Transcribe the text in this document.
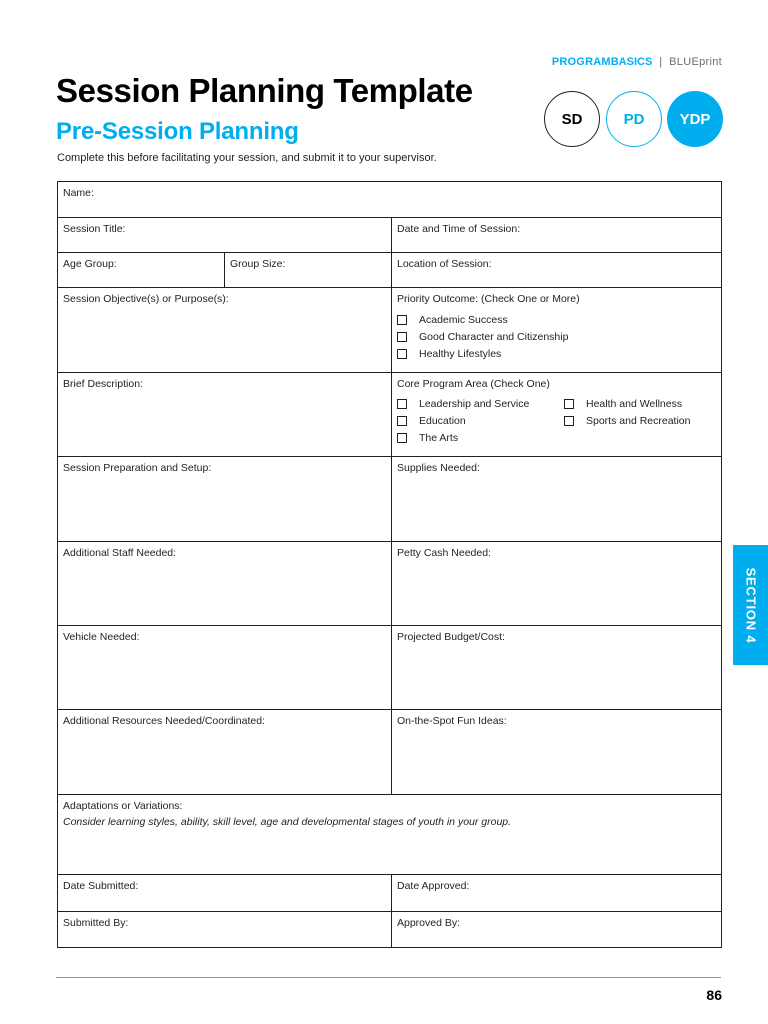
PROGRAMBASICS | BLUEprint
Session Planning Template
Pre-Session Planning
Complete this before facilitating your session, and submit it to your supervisor.
SD	PD	YDP
Name:
Session Title:	Date and Time of Session:
Age Group:	Group Size:	Location of Session:
Session Objective(s) or Purpose(s):	Priority Outcome: (Check One or More)
Academic Success
Good Character and Citizenship
Healthy Lifestyles
Brief Description:	Core Program Area (Check One)
Leadership and Service	Health and Wellness
Education	Sports and Recreation
The Arts
Session Preparation and Setup:	Supplies Needed:
Additional Staff Needed:	Petty Cash Needed:
Vehicle Needed:	Projected Budget/Cost:
Additional Resources Needed/Coordinated:	On-the-Spot Fun Ideas:
Adaptations or Variations:
Consider learning styles, ability, skill level, age and developmental stages of youth in your group.
Date Submitted:	Date Approved:
Submitted By:	Approved By:
SECTION 4
86
